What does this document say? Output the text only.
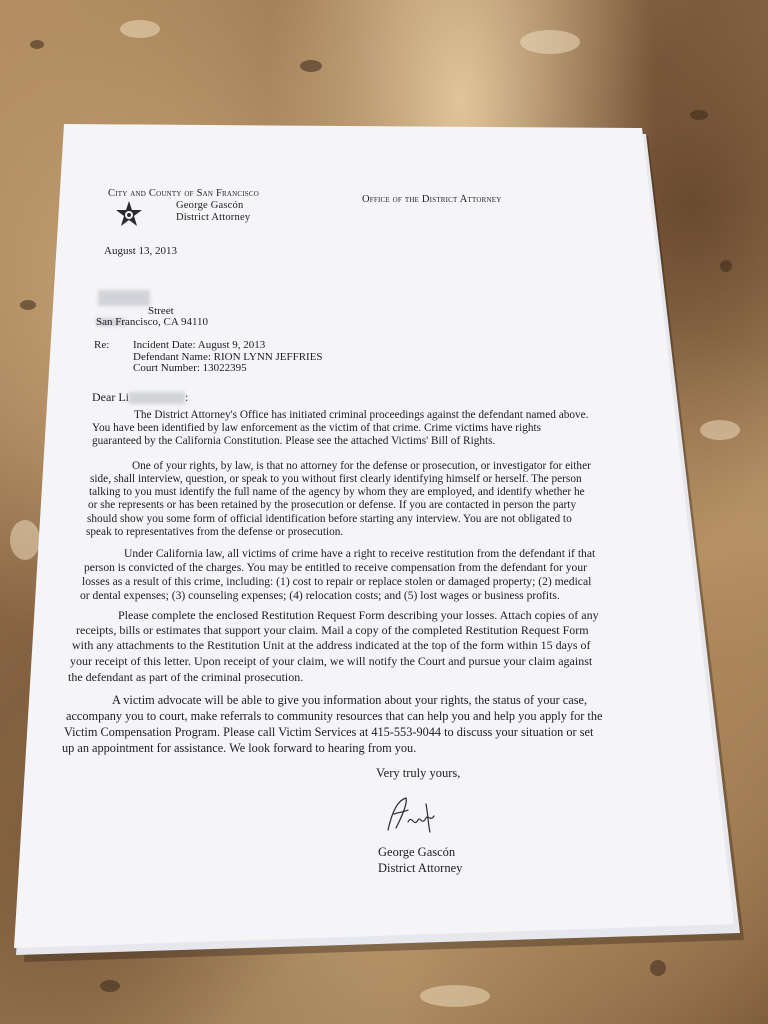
City and County of San Francisco
George Gascón
District Attorney
Office of the District Attorney
August 13, 2013
Street
San Francisco, CA 94110
Re: Incident Date: August 9, 2013
Defendant Name: RION LYNN JEFFRIES
Court Number: 13022395
Dear Li	:
The District Attorney's Office has initiated criminal proceedings against the defendant named above.
You have been identified by law enforcement as the victim of that crime. Crime victims have rights
guaranteed by the California Constitution. Please see the attached Victims' Bill of Rights.
One of your rights, by law, is that no attorney for the defense or prosecution, or investigator for either
side, shall interview, question, or speak to you without first clearly identifying himself or herself. The person
talking to you must identify the full name of the agency by whom they are employed, and identify whether he
or she represents or has been retained by the prosecution or defense. If you are contacted in person the party
should show you some form of official identification before starting any interview. You are not obligated to
speak to representatives from the defense or prosecution.
Under California law, all victims of crime have a right to receive restitution from the defendant if that
person is convicted of the charges. You may be entitled to receive compensation from the defendant for your
losses as a result of this crime, including: (1) cost to repair or replace stolen or damaged property; (2) medical
or dental expenses; (3) counseling expenses; (4) relocation costs; and (5) lost wages or business profits.
Please complete the enclosed Restitution Request Form describing your losses. Attach copies of any
receipts, bills or estimates that support your claim. Mail a copy of the completed Restitution Request Form
with any attachments to the Restitution Unit at the address indicated at the top of the form within 15 days of
your receipt of this letter. Upon receipt of your claim, we will notify the Court and pursue your claim against
the defendant as part of the criminal prosecution.
A victim advocate will be able to give you information about your rights, the status of your case,
accompany you to court, make referrals to community resources that can help you and help you apply for the
Victim Compensation Program. Please call Victim Services at 415-553-9044 to discuss your situation or set
up an appointment for assistance. We look forward to hearing from you.
Very truly yours,
George Gascón
District Attorney
